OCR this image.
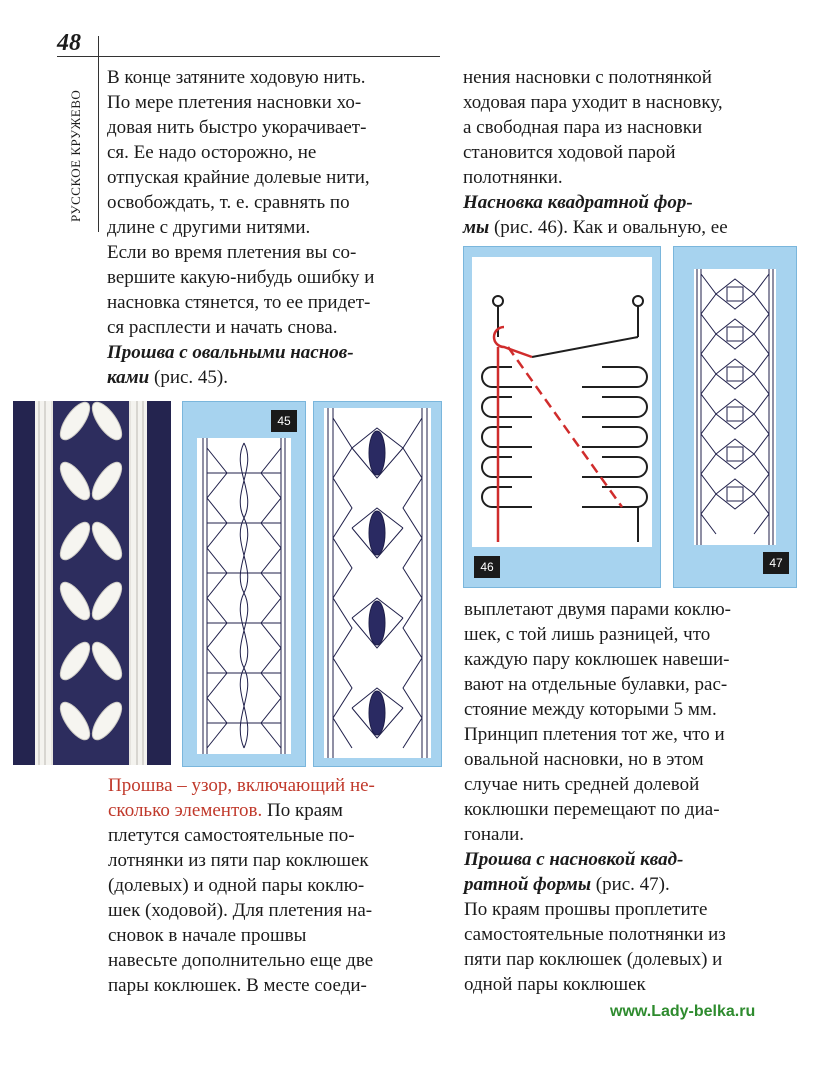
48
РУССКОЕ КРУЖЕВО

В конце затяните ходовую нить.

По мере плетения насновки хо-

довая нить быстро укорачивает-

ся. Ее надо осторожно, не

отпуская крайние долевые нити,

освобождать, т. е. сравнять по

длине с другими нитями.

Если во время плетения вы со-

вершите какую-нибудь ошибку и

насновка стянется, то ее придет-

ся расплести и начать снова.

Прошва с овальными наснов-

ками (рис. 45).

нения насновки с полотнянкой

ходовая пара уходит в насновку,

а свободная пара из насновки

становится ходовой парой

полотнянки.

Насновка квадратной фор-

мы (рис. 46). Как и овальную, ее

45
46	47

Прошва – узор, включающий не-

сколько элементов. По краям

плетутся самостоятельные по-

лотнянки из пяти пар коклюшек

(долевых) и одной пары коклю-

шек (ходовой). Для плетения на-

сновок в начале прошвы

навесьте дополнительно еще две

пары коклюшек. В месте соеди-

выплетают двумя парами коклю-

шек, с той лишь разницей, что

каждую пару коклюшек навеши-

вают на отдельные булавки, рас-

стояние между которыми 5 мм.

Принцип плетения тот же, что и

овальной насновки, но в этом

случае нить средней долевой

коклюшки перемещают по диа-

гонали.

Прошва с насновкой квад-

ратной формы (рис. 47).

По краям прошвы проплетите

самостоятельные полотнянки из

пяти пар коклюшек (долевых) и

одной пары коклюшек

www.Lady-belka.ru
